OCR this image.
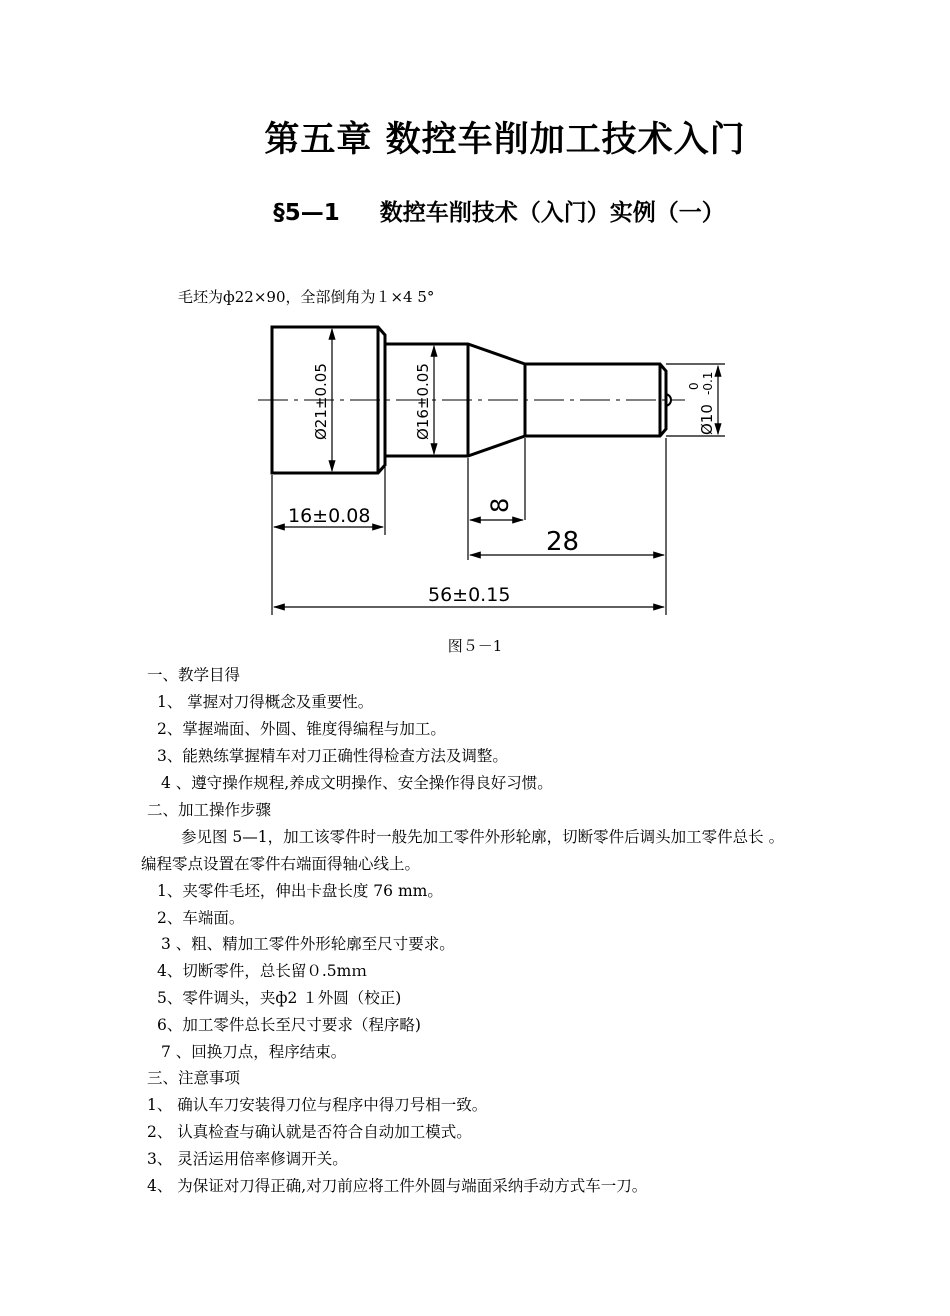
第五章 数控车削加工技术入门
§5—1     数控车削技术（入门）实例（一）
毛坯为ф22×90，全部倒角为１×4 5°
Ø21±0.05	Ø16±0.05	Ø10
0 -0.1
16±0.08	8
28
56±0.15
图５－1
一、教学目得
1、 掌握对刀得概念及重要性。
2、掌握端面、外圆、锥度得编程与加工。
3、能熟练掌握精车对刀正确性得检查方法及调整。
4 、遵守操作规程,养成文明操作、安全操作得良好习惯。
二、加工操作步骤
参见图 5—1，加工该零件时一般先加工零件外形轮廓，切断零件后调头加工零件总长 。
编程零点设置在零件右端面得轴心线上。
1、夹零件毛坯，伸出卡盘长度 76 mm。
2、车端面。
3 、粗、精加工零件外形轮廓至尺寸要求。
4、切断零件，总长留０.5mｍ
5、零件调头，夹ф2 １外圆（校正)
6、加工零件总长至尺寸要求（程序略)
7 、回换刀点，程序结束。
三、注意事项
1、 确认车刀安装得刀位与程序中得刀号相一致。
2、 认真检查与确认就是否符合自动加工模式。
3、 灵活运用倍率修调开关。
4、 为保证对刀得正确,对刀前应将工件外圆与端面采纳手动方式车一刀。
